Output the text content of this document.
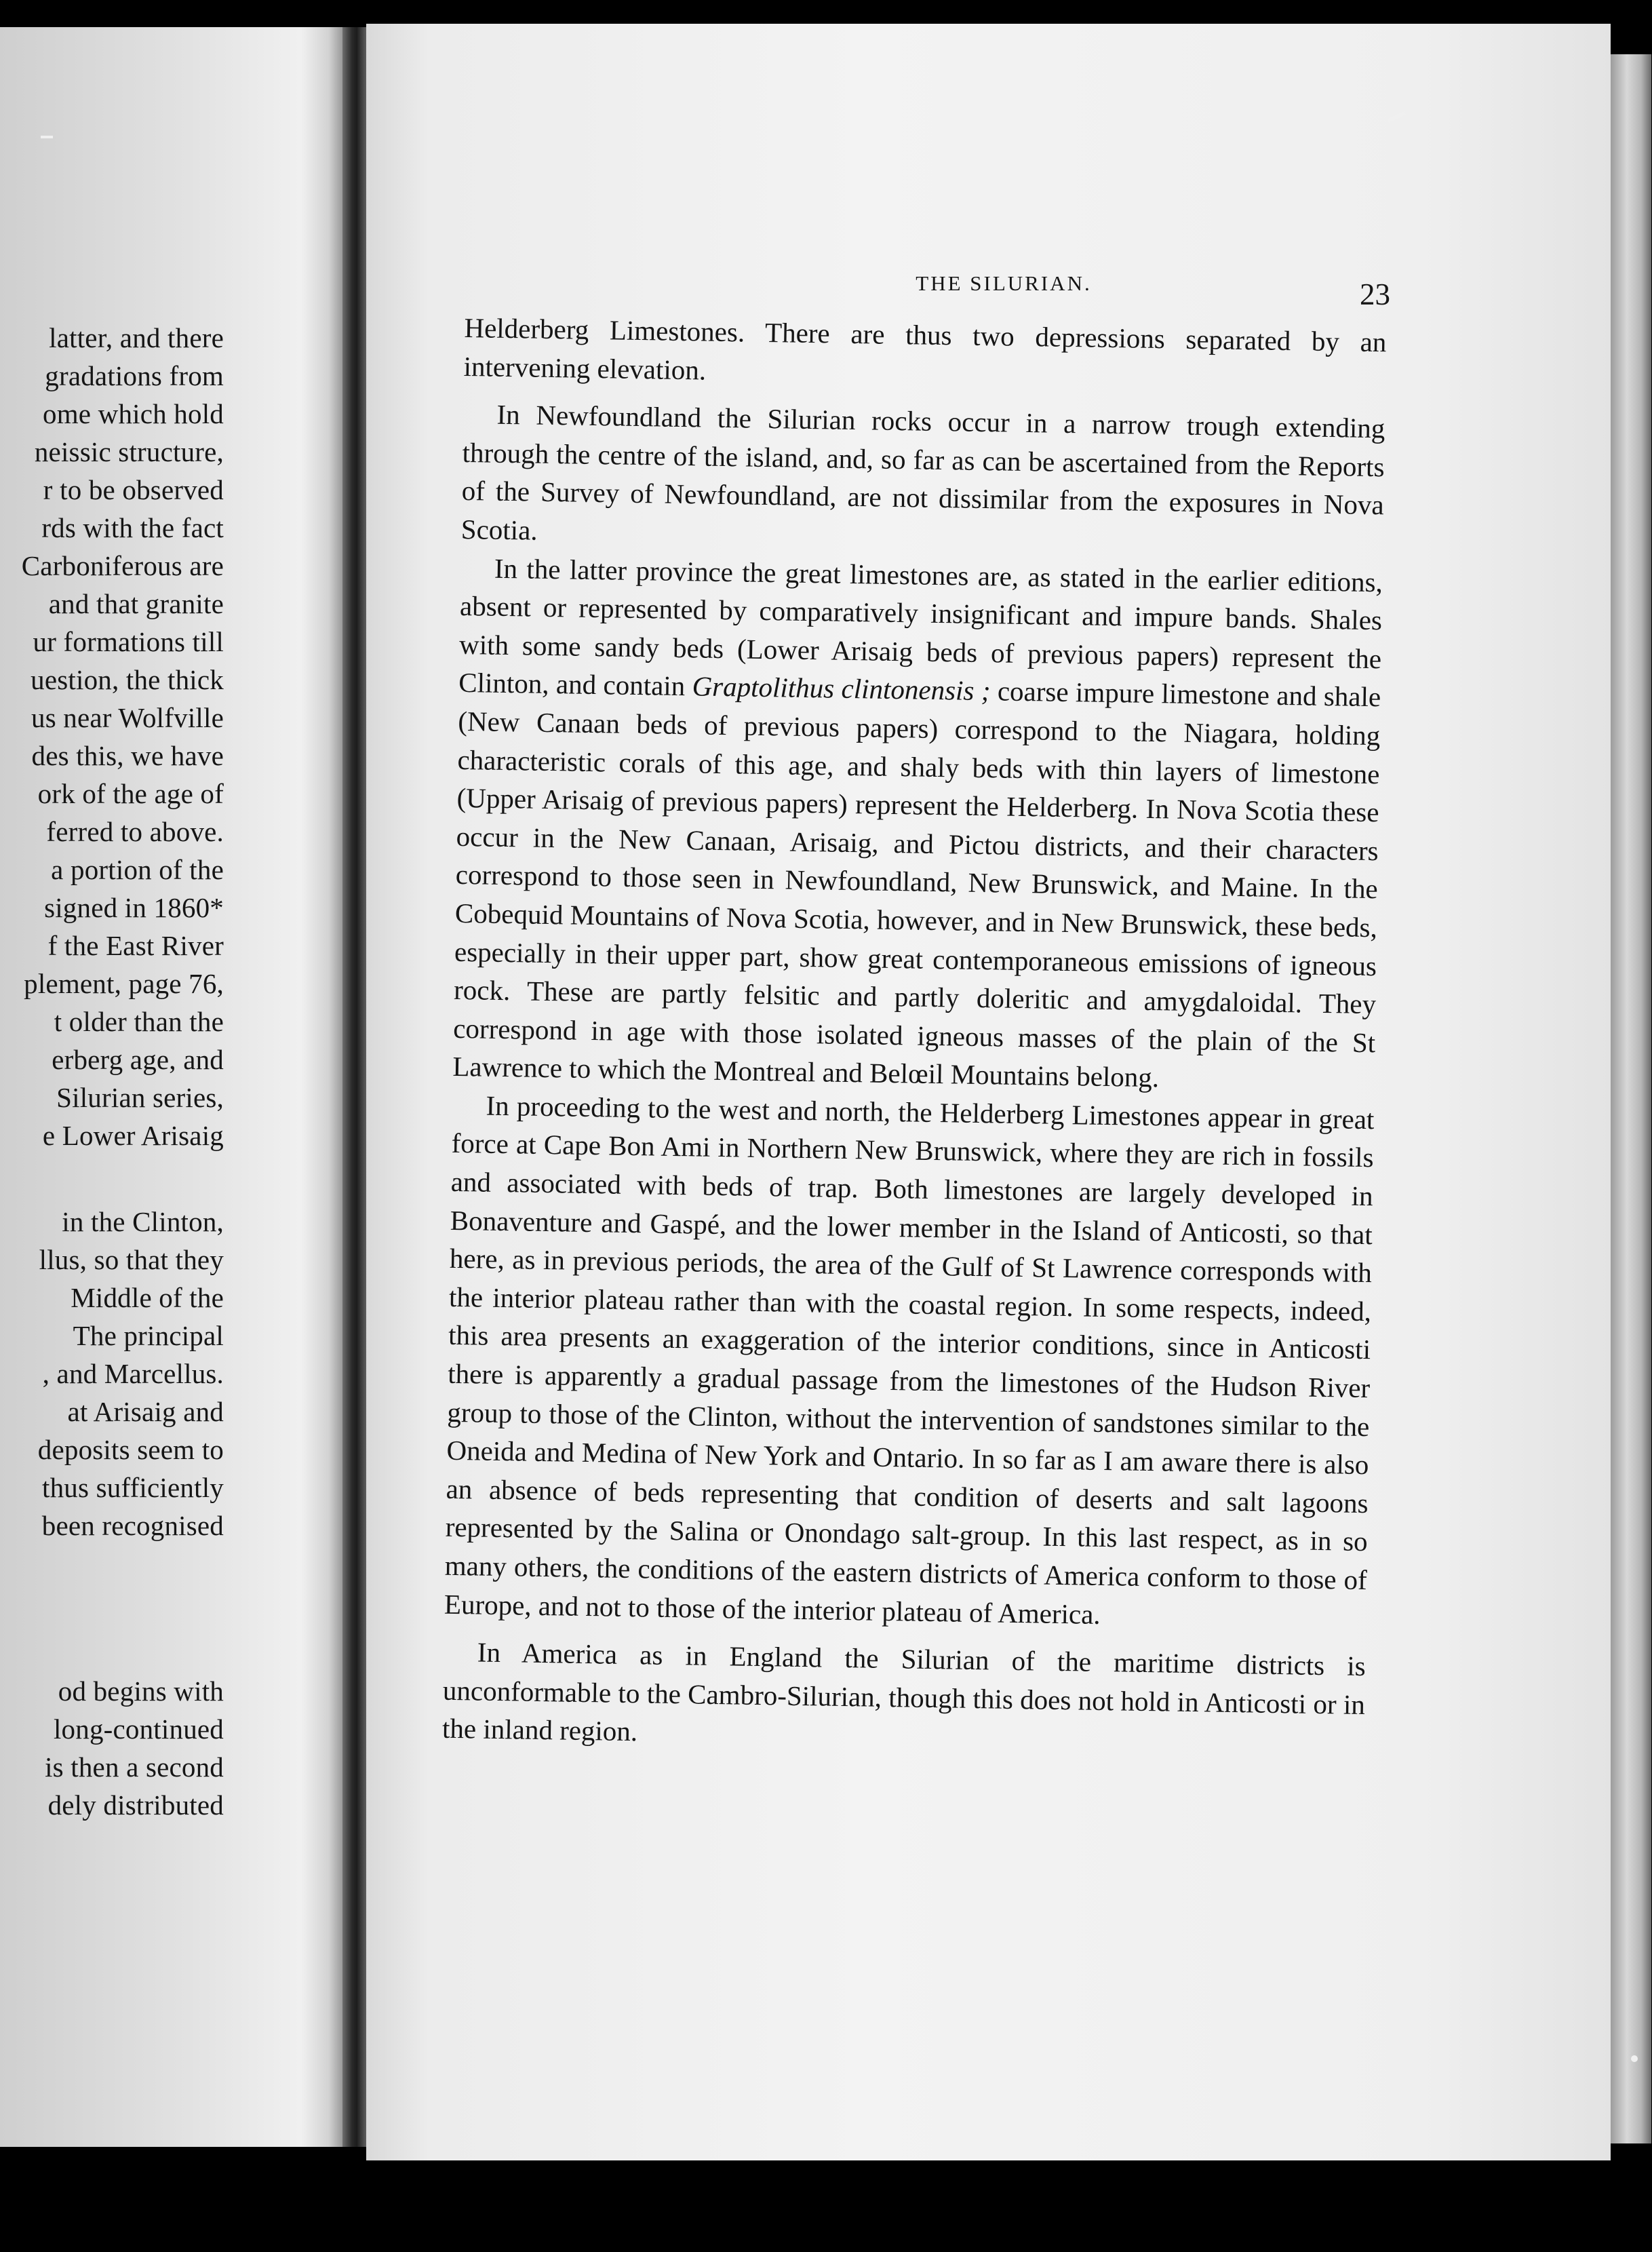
latter, and there
gradations from
ome which hold
neissic structure,
r to be observed
rds with the fact
Carboniferous are
and that granite
ur formations till
uestion, the thick
us near Wolfville
des this, we have
ork of the age of
ferred to above.
a portion of the
signed in 1860*
f the East River
plement, page 76,
t older than the
erberg age, and
Silurian series,
e Lower Arisaig
in the Clinton,
llus, so that they
Middle of the
The principal
, and Marcellus.
at Arisaig and
deposits seem to
thus sufficiently
been recognised
od begins with
long-continued
is then a second
dely distributed
THE SILURIAN.	23

Helderberg Limestones. There are thus two depressions separated by an intervening elevation.

In Newfoundland the Silurian rocks occur in a narrow trough extending through the centre of the island, and, so far as can be ascertained from the Reports of the Survey of Newfoundland, are not dissimilar from the exposures in Nova Scotia.

In the latter province the great limestones are, as stated in the earlier editions, absent or represented by comparatively insignificant and impure bands. Shales with some sandy beds (Lower Arisaig beds of previous papers) represent the Clinton, and contain Graptolithus clintonensis ; coarse impure limestone and shale (New Canaan beds of previous papers) correspond to the Niagara, holding characteristic corals of this age, and shaly beds with thin layers of limestone (Upper Arisaig of previous papers) represent the Helderberg. In Nova Scotia these occur in the New Canaan, Arisaig, and Pictou districts, and their characters correspond to those seen in Newfoundland, New Brunswick, and Maine. In the Cobequid Mountains of Nova Scotia, however, and in New Brunswick, these beds, especially in their upper part, show great contemporaneous emissions of igneous rock. These are partly felsitic and partly doleritic and amygdaloidal. They correspond in age with those isolated igneous masses of the plain of the St Lawrence to which the Montreal and Belœil Mountains belong.

In proceeding to the west and north, the Helderberg Limestones appear in great force at Cape Bon Ami in Northern New Brunswick, where they are rich in fossils and associated with beds of trap. Both limestones are largely developed in Bonaventure and Gaspé, and the lower member in the Island of Anticosti, so that here, as in previous periods, the area of the Gulf of St Lawrence corresponds with the interior plateau rather than with the coastal region. In some respects, indeed, this area presents an exaggeration of the interior conditions, since in Anticosti there is apparently a gradual passage from the limestones of the Hudson River group to those of the Clinton, without the intervention of sandstones similar to the Oneida and Medina of New York and Ontario. In so far as I am aware there is also an absence of beds representing that condition of deserts and salt lagoons represented by the Salina or Onondago salt-group. In this last respect, as in so many others, the conditions of the eastern districts of America conform to those of Europe, and not to those of the interior plateau of America.

In America as in England the Silurian of the maritime districts is unconformable to the Cambro-Silurian, though this does not hold in Anticosti or in the inland region.
